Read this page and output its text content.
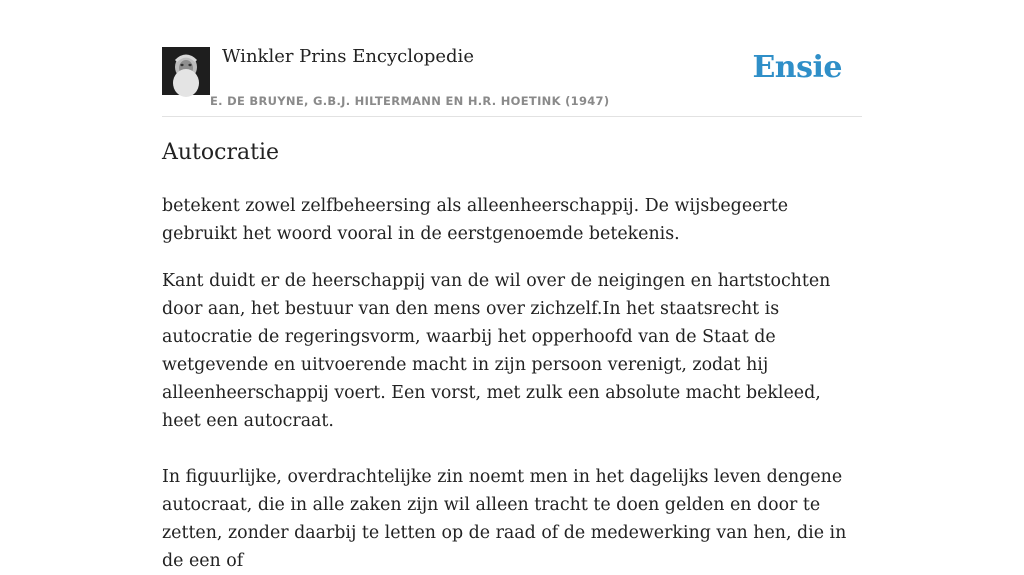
Winkler Prins Encyclopedie
E. DE BRUYNE, G.B.J. HILTERMANN EN H.R. HOETINK (1947)
Ensie
Autocratie

betekent zowel zelfbeheersing als alleenheerschappij. De wijsbegeerte gebruikt het woord vooral in de eerstgenoemde betekenis.

Kant duidt er de heerschappij van de wil over de neigingen en hartstochten door aan, het bestuur van den mens over zichzelf.In het staatsrecht is autocratie de regeringsvorm, waarbij het opperhoofd van de Staat de wetgevende en uitvoerende macht in zijn persoon verenigt, zodat hij alleenheerschappij voert. Een vorst, met zulk een absolute macht bekleed, heet een autocraat.

In figuurlijke, overdrachtelijke zin noemt men in het dagelijks leven dengene autocraat, die in alle zaken zijn wil alleen tracht te doen gelden en door te zetten, zonder daarbij te letten op de raad of de medewerking van hen, die in de een of
